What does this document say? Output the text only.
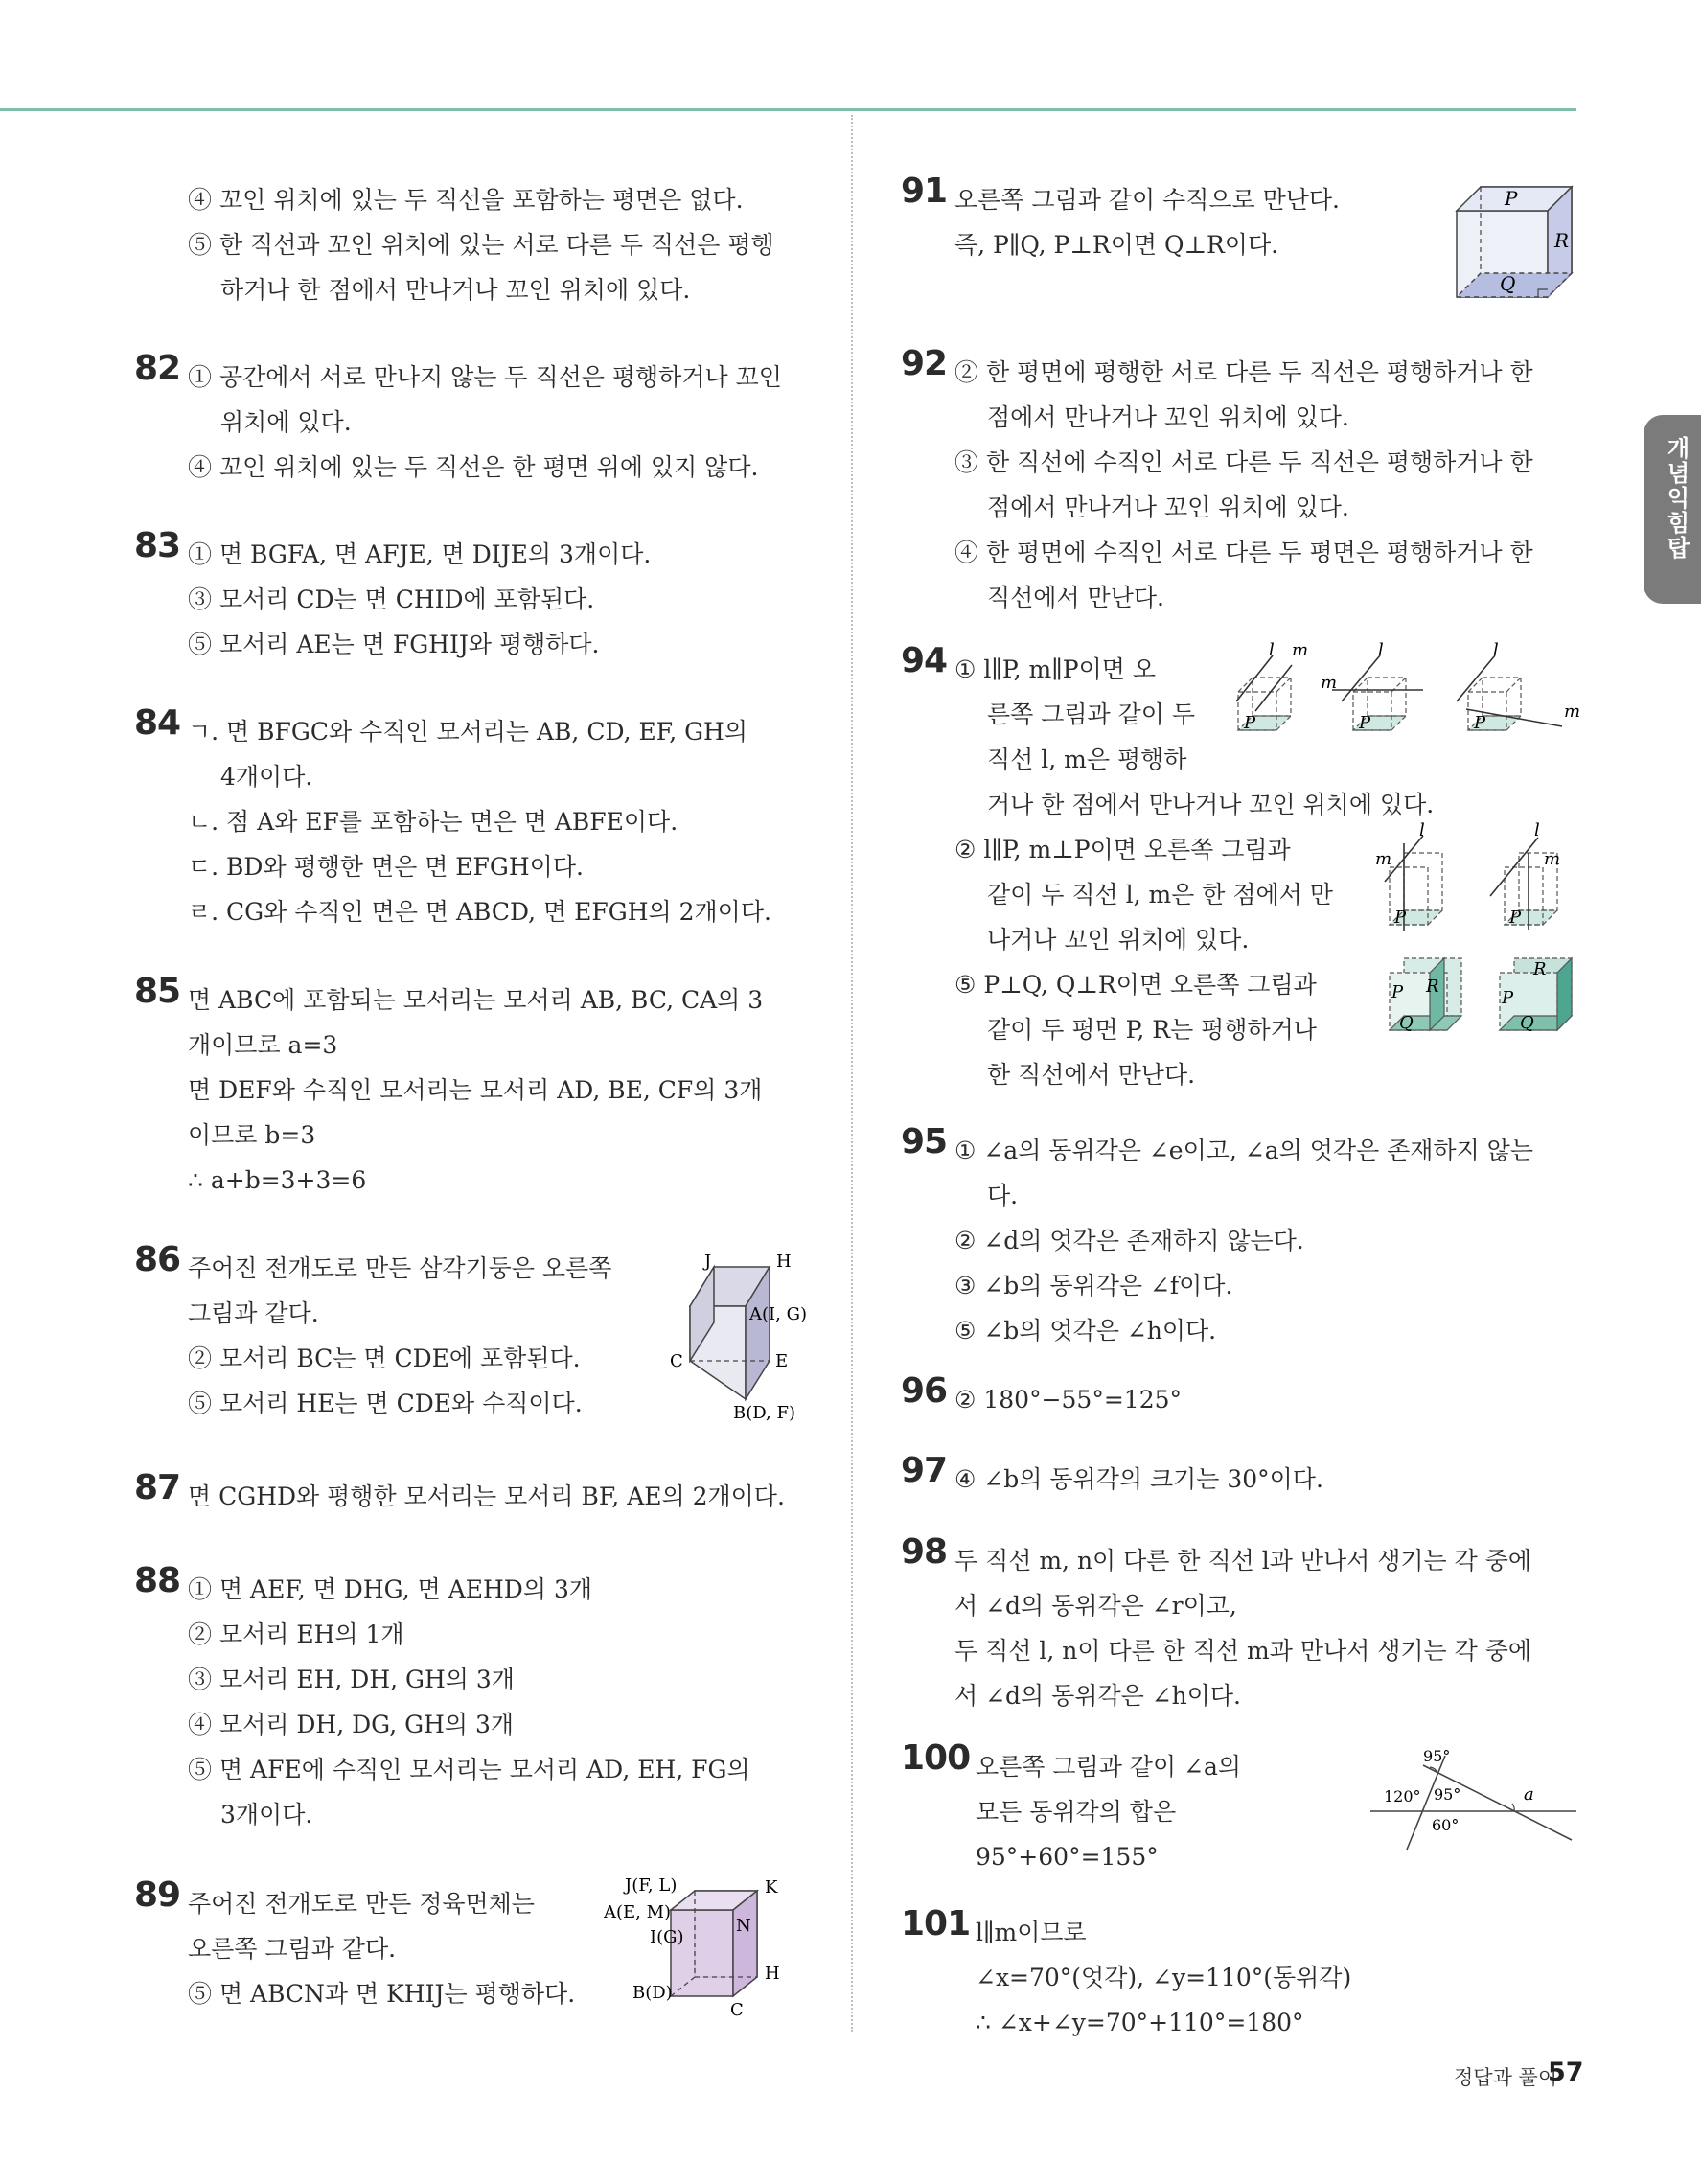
개념익힘탑
④ 꼬인 위치에 있는 두 직선을 포함하는 평면은 없다.
⑤ 한 직선과 꼬인 위치에 있는 서로 다른 두 직선은 평행
하거나 한 점에서 만나거나 꼬인 위치에 있다.
82 ① 공간에서 서로 만나지 않는 두 직선은 평행하거나 꼬인
위치에 있다.
④ 꼬인 위치에 있는 두 직선은 한 평면 위에 있지 않다.
83 ① 면 BGFA, 면 AFJE, 면 DIJE의 3개이다.
③ 모서리 CD는 면 CHID에 포함된다.
⑤ 모서리 AE는 면 FGHIJ와 평행하다.
84 ㄱ. 면 BFGC와 수직인 모서리는 AB, CD, EF, GH의
4개이다.
ㄴ. 점 A와 EF를 포함하는 면은 면 ABFE이다.
ㄷ. BD와 평행한 면은 면 EFGH이다.
ㄹ. CG와 수직인 면은 면 ABCD, 면 EFGH의 2개이다.
85 면 ABC에 포함되는 모서리는 모서리 AB, BC, CA의 3
개이므로 a=3
면 DEF와 수직인 모서리는 모서리 AD, BE, CF의 3개
이므로 b=3
∴ a+b=3+3=6
86 주어진 전개도로 만든 삼각기둥은 오른쪽
그림과 같다.
② 모서리 BC는 면 CDE에 포함된다.
⑤ 모서리 HE는 면 CDE와 수직이다.
J	H
A(I, G)
C	E
B(D, F)
87 면 CGHD와 평행한 모서리는 모서리 BF, AE의 2개이다.
88 ① 면 AEF, 면 DHG, 면 AEHD의 3개
② 모서리 EH의 1개
③ 모서리 EH, DH, GH의 3개
④ 모서리 DH, DG, GH의 3개
⑤ 면 AFE에 수직인 모서리는 모서리 AD, EH, FG의
3개이다.
89 주어진 전개도로 만든 정육면체는
오른쪽 그림과 같다.
⑤ 면 ABCN과 면 KHIJ는 평행하다.
J(F, L)	K
A(E, M)
N
I(G)
H
B(D)
C
91 오른쪽 그림과 같이 수직으로 만난다.
즉, P∥Q, P⊥R이면 Q⊥R이다.
P
R
Q
92 ② 한 평면에 평행한 서로 다른 두 직선은 평행하거나 한
점에서 만나거나 꼬인 위치에 있다.
③ 한 직선에 수직인 서로 다른 두 직선은 평행하거나 한
점에서 만나거나 꼬인 위치에 있다.
④ 한 평면에 수직인 서로 다른 두 평면은 평행하거나 한
직선에서 만난다.
94 ① l∥P, m∥P이면 오
른쪽 그림과 같이 두
직선 l, m은 평행하
거나 한 점에서 만나거나 꼬인 위치에 있다.
② l∥P, m⊥P이면 오른쪽 그림과
같이 두 직선 l, m은 한 점에서 만
나거나 꼬인 위치에 있다.
⑤ P⊥Q, Q⊥R이면 오른쪽 그림과
같이 두 평면 P, R는 평행하거나
한 직선에서 만난다.
l m
P
l
m
P
l
m
P
l
m
P
l
m
P
P R
Q
R
P
Q
95 ① ∠a의 동위각은 ∠e이고, ∠a의 엇각은 존재하지 않는
다.
② ∠d의 엇각은 존재하지 않는다.
③ ∠b의 동위각은 ∠f이다.
⑤ ∠b의 엇각은 ∠h이다.
96 ② 180°−55°=125°
97 ④ ∠b의 동위각의 크기는 30°이다.
98 두 직선 m, n이 다른 한 직선 l과 만나서 생기는 각 중에
서 ∠d의 동위각은 ∠r이고,
두 직선 l, n이 다른 한 직선 m과 만나서 생기는 각 중에
서 ∠d의 동위각은 ∠h이다.
100 오른쪽 그림과 같이 ∠a의
모든 동위각의 합은
95°+60°=155°
95°
120° 95°	a
60°
101 l∥m이므로
∠x=70°(엇각), ∠y=110°(동위각)
∴ ∠x+∠y=70°+110°=180°
정답과 풀이
57
